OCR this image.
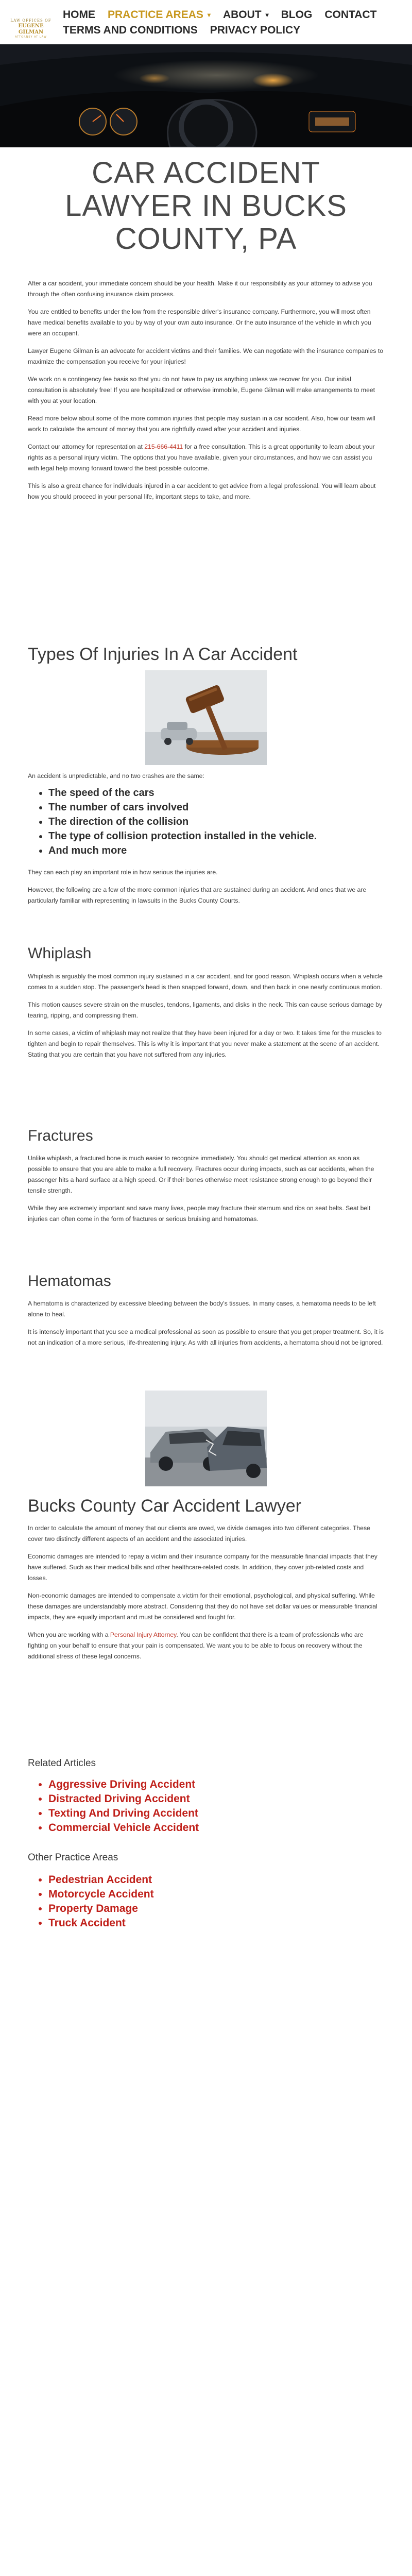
LAW OFFICES OF
EUGENE GILMAN
ATTORNEY AT LAW
HOME PRACTICE AREAS ▾ ABOUT ▾ BLOG CONTACT
TERMS AND CONDITIONS PRIVACY POLICY
CAR ACCIDENT LAWYER IN BUCKS COUNTY, PA

After a car accident, your immediate concern should be your health. Make it our responsibility as your attorney to advise you through the often confusing insurance claim process.

You are entitled to benefits under the low from the responsible driver's insurance company. Furthermore, you will most often have medical benefits available to you by way of your own auto insurance. Or the auto insurance of the vehicle in which you were an occupant.

Lawyer Eugene Gilman is an advocate for accident victims and their families. We can negotiate with the insurance companies to maximize the compensation you receive for your injuries!

We work on a contingency fee basis so that you do not have to pay us anything unless we recover for you. Our initial consultation is absolutely free! If you are hospitalized or otherwise immobile, Eugene Gilman will make arrangements to meet with you at your location.

Read more below about some of the more common injuries that people may sustain in a car accident. Also, how our team will work to calculate the amount of money that you are rightfully owed after your accident and injuries.

Contact our attorney for representation at 215-666-4411 for a free consultation. This is a great opportunity to learn about your rights as a personal injury victim. The options that you have available, given your circumstances, and how we can assist you with legal help moving forward toward the best possible outcome.

This is also a great chance for individuals injured in a car accident to get advice from a legal professional. You will learn about how you should proceed in your personal life, important steps to take, and more.

Types Of Injuries In A Car Accident

An accident is unpredictable, and no two crashes are the same:

• The speed of the cars
• The number of cars involved
• The direction of the collision
• The type of collision protection installed in the vehicle.
• And much more

They can each play an important role in how serious the injuries are.

However, the following are a few of the more common injuries that are sustained during an accident. And ones that we are particularly familiar with representing in lawsuits in the Bucks County Courts.

Whiplash

Whiplash is arguably the most common injury sustained in a car accident, and for good reason. Whiplash occurs when a vehicle comes to a sudden stop. The passenger's head is then snapped forward, down, and then back in one nearly continuous motion.

This motion causes severe strain on the muscles, tendons, ligaments, and disks in the neck. This can cause serious damage by tearing, ripping, and compressing them.

In some cases, a victim of whiplash may not realize that they have been injured for a day or two. It takes time for the muscles to tighten and begin to repair themselves. This is why it is important that you never make a statement at the scene of an accident. Stating that you are certain that you have not suffered from any injuries.

Fractures

Unlike whiplash, a fractured bone is much easier to recognize immediately. You should get medical attention as soon as possible to ensure that you are able to make a full recovery. Fractures occur during impacts, such as car accidents, when the passenger hits a hard surface at a high speed. Or if their bones otherwise meet resistance strong enough to go beyond their tensile strength.

While they are extremely important and save many lives, people may fracture their sternum and ribs on seat belts. Seat belt injuries can often come in the form of fractures or serious bruising and hematomas.

Hematomas

A hematoma is characterized by excessive bleeding between the body's tissues. In many cases, a hematoma needs to be left alone to heal.

It is intensely important that you see a medical professional as soon as possible to ensure that you get proper treatment. So, it is not an indication of a more serious, life-threatening injury. As with all injuries from accidents, a hematoma should not be ignored.

Bucks County Car Accident Lawyer

In order to calculate the amount of money that our clients are owed, we divide damages into two different categories. These cover two distinctly different aspects of an accident and the associated injuries.

Economic damages are intended to repay a victim and their insurance company for the measurable financial impacts that they have suffered. Such as their medical bills and other healthcare-related costs. In addition, they cover job-related costs and losses.

Non-economic damages are intended to compensate a victim for their emotional, psychological, and physical suffering. While these damages are understandably more abstract. Considering that they do not have set dollar values or measurable financial impacts, they are equally important and must be considered and fought for.

When you are working with a Personal Injury Attorney. You can be confident that there is a team of professionals who are fighting on your behalf to ensure that your pain is compensated. We want you to be able to focus on recovery without the additional stress of these legal concerns.

Related Articles
• Aggressive Driving Accident
• Distracted Driving Accident
• Texting And Driving Accident
• Commercial Vehicle Accident
Other Practice Areas
• Pedestrian Accident
• Motorcycle Accident
• Property Damage
• Truck Accident
